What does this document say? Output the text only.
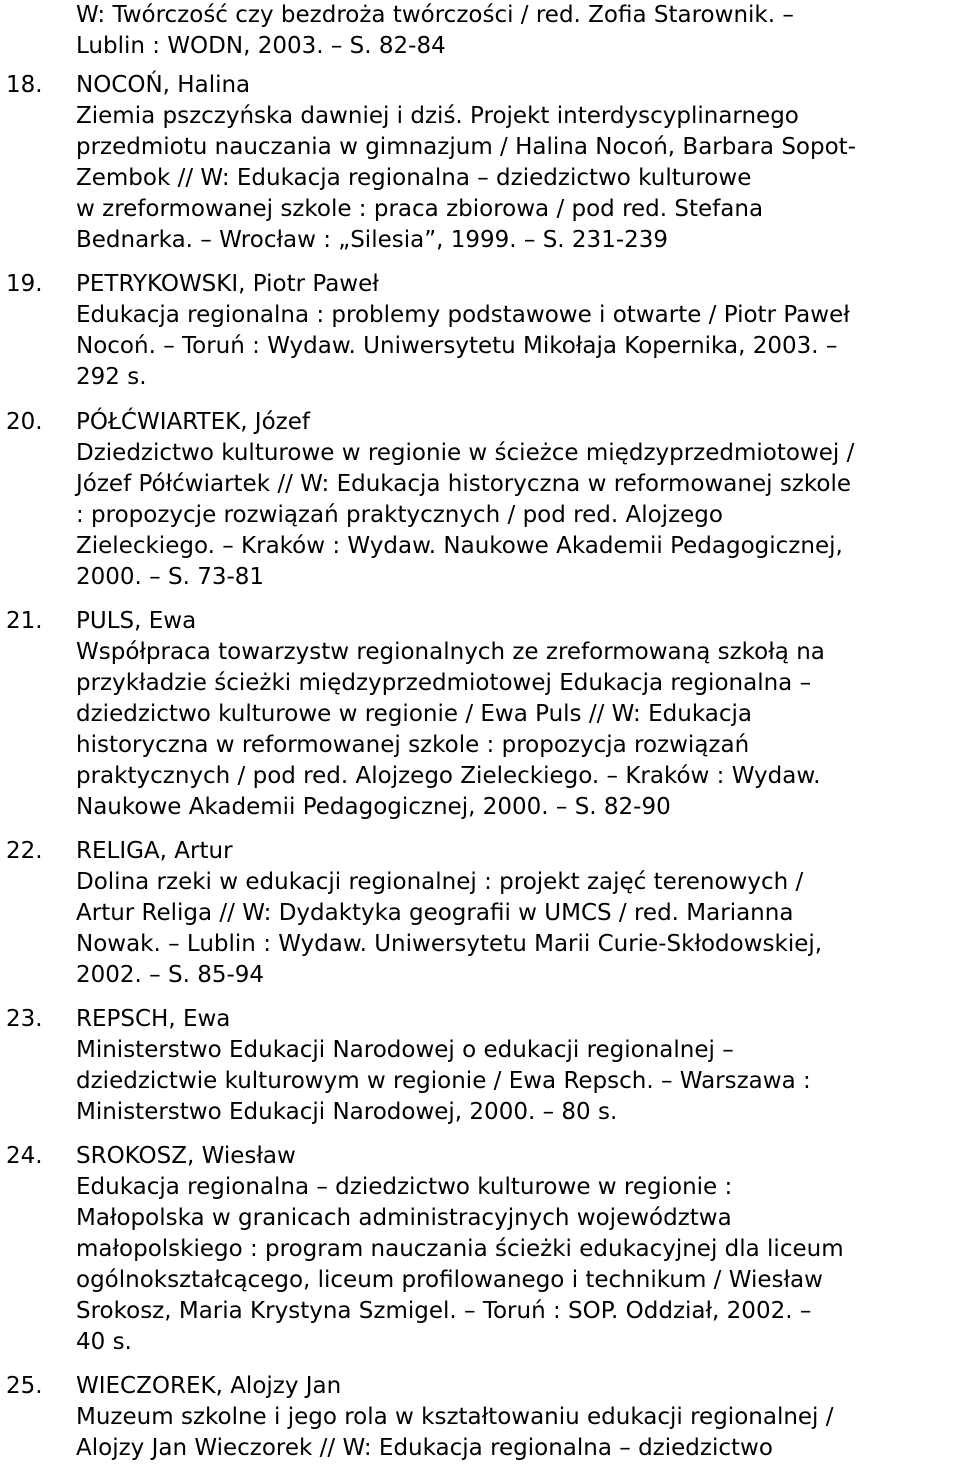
W: Twórczość czy bezdroża twórczości / red. Zofia Starownik. –
Lublin : WODN, 2003. – S. 82-84
18. NOCOŃ, Halina
Ziemia pszczyńska dawniej i dziś. Projekt interdyscyplinarnego
przedmiotu nauczania w gimnazjum / Halina Nocoń, Barbara Sopot-
Zembok // W: Edukacja regionalna – dziedzictwo kulturowe
w zreformowanej szkole : praca zbiorowa / pod red. Stefana
Bednarka. – Wrocław : „Silesia”, 1999. – S. 231-239
19. PETRYKOWSKI, Piotr Paweł
Edukacja regionalna : problemy podstawowe i otwarte / Piotr Paweł
Nocoń. – Toruń : Wydaw. Uniwersytetu Mikołaja Kopernika, 2003. –
292 s.
20. PÓŁĆWIARTEK, Józef
Dziedzictwo kulturowe w regionie w ścieżce międzyprzedmiotowej /
Józef Półćwiartek // W: Edukacja historyczna w reformowanej szkole
: propozycje rozwiązań praktycznych / pod red. Alojzego
Zieleckiego. – Kraków : Wydaw. Naukowe Akademii Pedagogicznej,
2000. – S. 73-81
21. PULS, Ewa
Współpraca towarzystw regionalnych ze zreformowaną szkołą na
przykładzie ścieżki międzyprzedmiotowej Edukacja regionalna –
dziedzictwo kulturowe w regionie / Ewa Puls // W: Edukacja
historyczna w reformowanej szkole : propozycja rozwiązań
praktycznych / pod red. Alojzego Zieleckiego. – Kraków : Wydaw.
Naukowe Akademii Pedagogicznej, 2000. – S. 82-90
22. RELIGA, Artur
Dolina rzeki w edukacji regionalnej : projekt zajęć terenowych /
Artur Religa // W: Dydaktyka geografii w UMCS / red. Marianna
Nowak. – Lublin : Wydaw. Uniwersytetu Marii Curie-Skłodowskiej,
2002. – S. 85-94
23. REPSCH, Ewa
Ministerstwo Edukacji Narodowej o edukacji regionalnej –
dziedzictwie kulturowym w regionie / Ewa Repsch. – Warszawa :
Ministerstwo Edukacji Narodowej, 2000. – 80 s.
24. SROKOSZ, Wiesław
Edukacja regionalna – dziedzictwo kulturowe w regionie :
Małopolska w granicach administracyjnych województwa
małopolskiego : program nauczania ścieżki edukacyjnej dla liceum
ogólnokształcącego, liceum profilowanego i technikum / Wiesław
Srokosz, Maria Krystyna Szmigel. – Toruń : SOP. Oddział, 2002. –
40 s.
25. WIECZOREK, Alojzy Jan
Muzeum szkolne i jego rola w kształtowaniu edukacji regionalnej /
Alojzy Jan Wieczorek // W: Edukacja regionalna – dziedzictwo
